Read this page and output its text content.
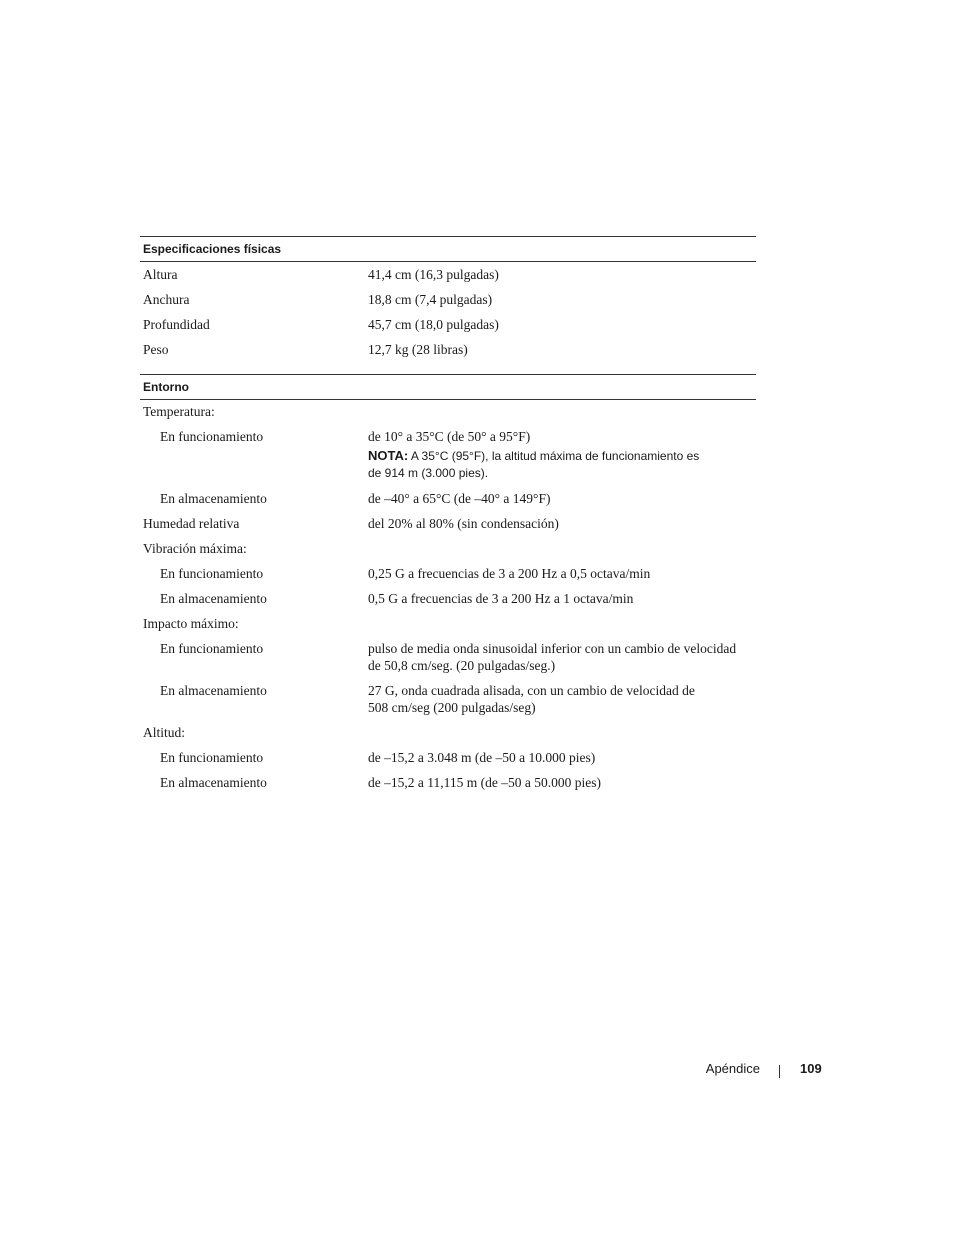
Especificaciones físicas
Altura	41,4 cm (16,3 pulgadas)
Anchura	18,8 cm (7,4 pulgadas)
Profundidad	45,7 cm (18,0 pulgadas)
Peso	12,7 kg (28 libras)
Entorno
Temperatura:
En funcionamiento	de 10° a 35°C (de 50° a 95°F)
NOTA: A 35°C (95°F), la altitud máxima de funcionamiento es
de 914 m (3.000 pies).
En almacenamiento	de –40° a 65°C (de –40° a 149°F)
Humedad relativa	del 20% al 80% (sin condensación)
Vibración máxima:
En funcionamiento	0,25 G a frecuencias de 3 a 200 Hz a 0,5 octava/min
En almacenamiento	0,5 G a frecuencias de 3 a 200 Hz a 1 octava/min
Impacto máximo:
En funcionamiento	pulso de media onda sinusoidal inferior con un cambio de velocidad
de 50,8 cm/seg. (20 pulgadas/seg.)
En almacenamiento	27 G, onda cuadrada alisada, con un cambio de velocidad de
508 cm/seg (200 pulgadas/seg)
Altitud:
En funcionamiento	de –15,2 a 3.048 m (de –50 a 10.000 pies)
En almacenamiento	de –15,2 a 11,115 m (de –50 a 50.000 pies)
Apéndice	109
